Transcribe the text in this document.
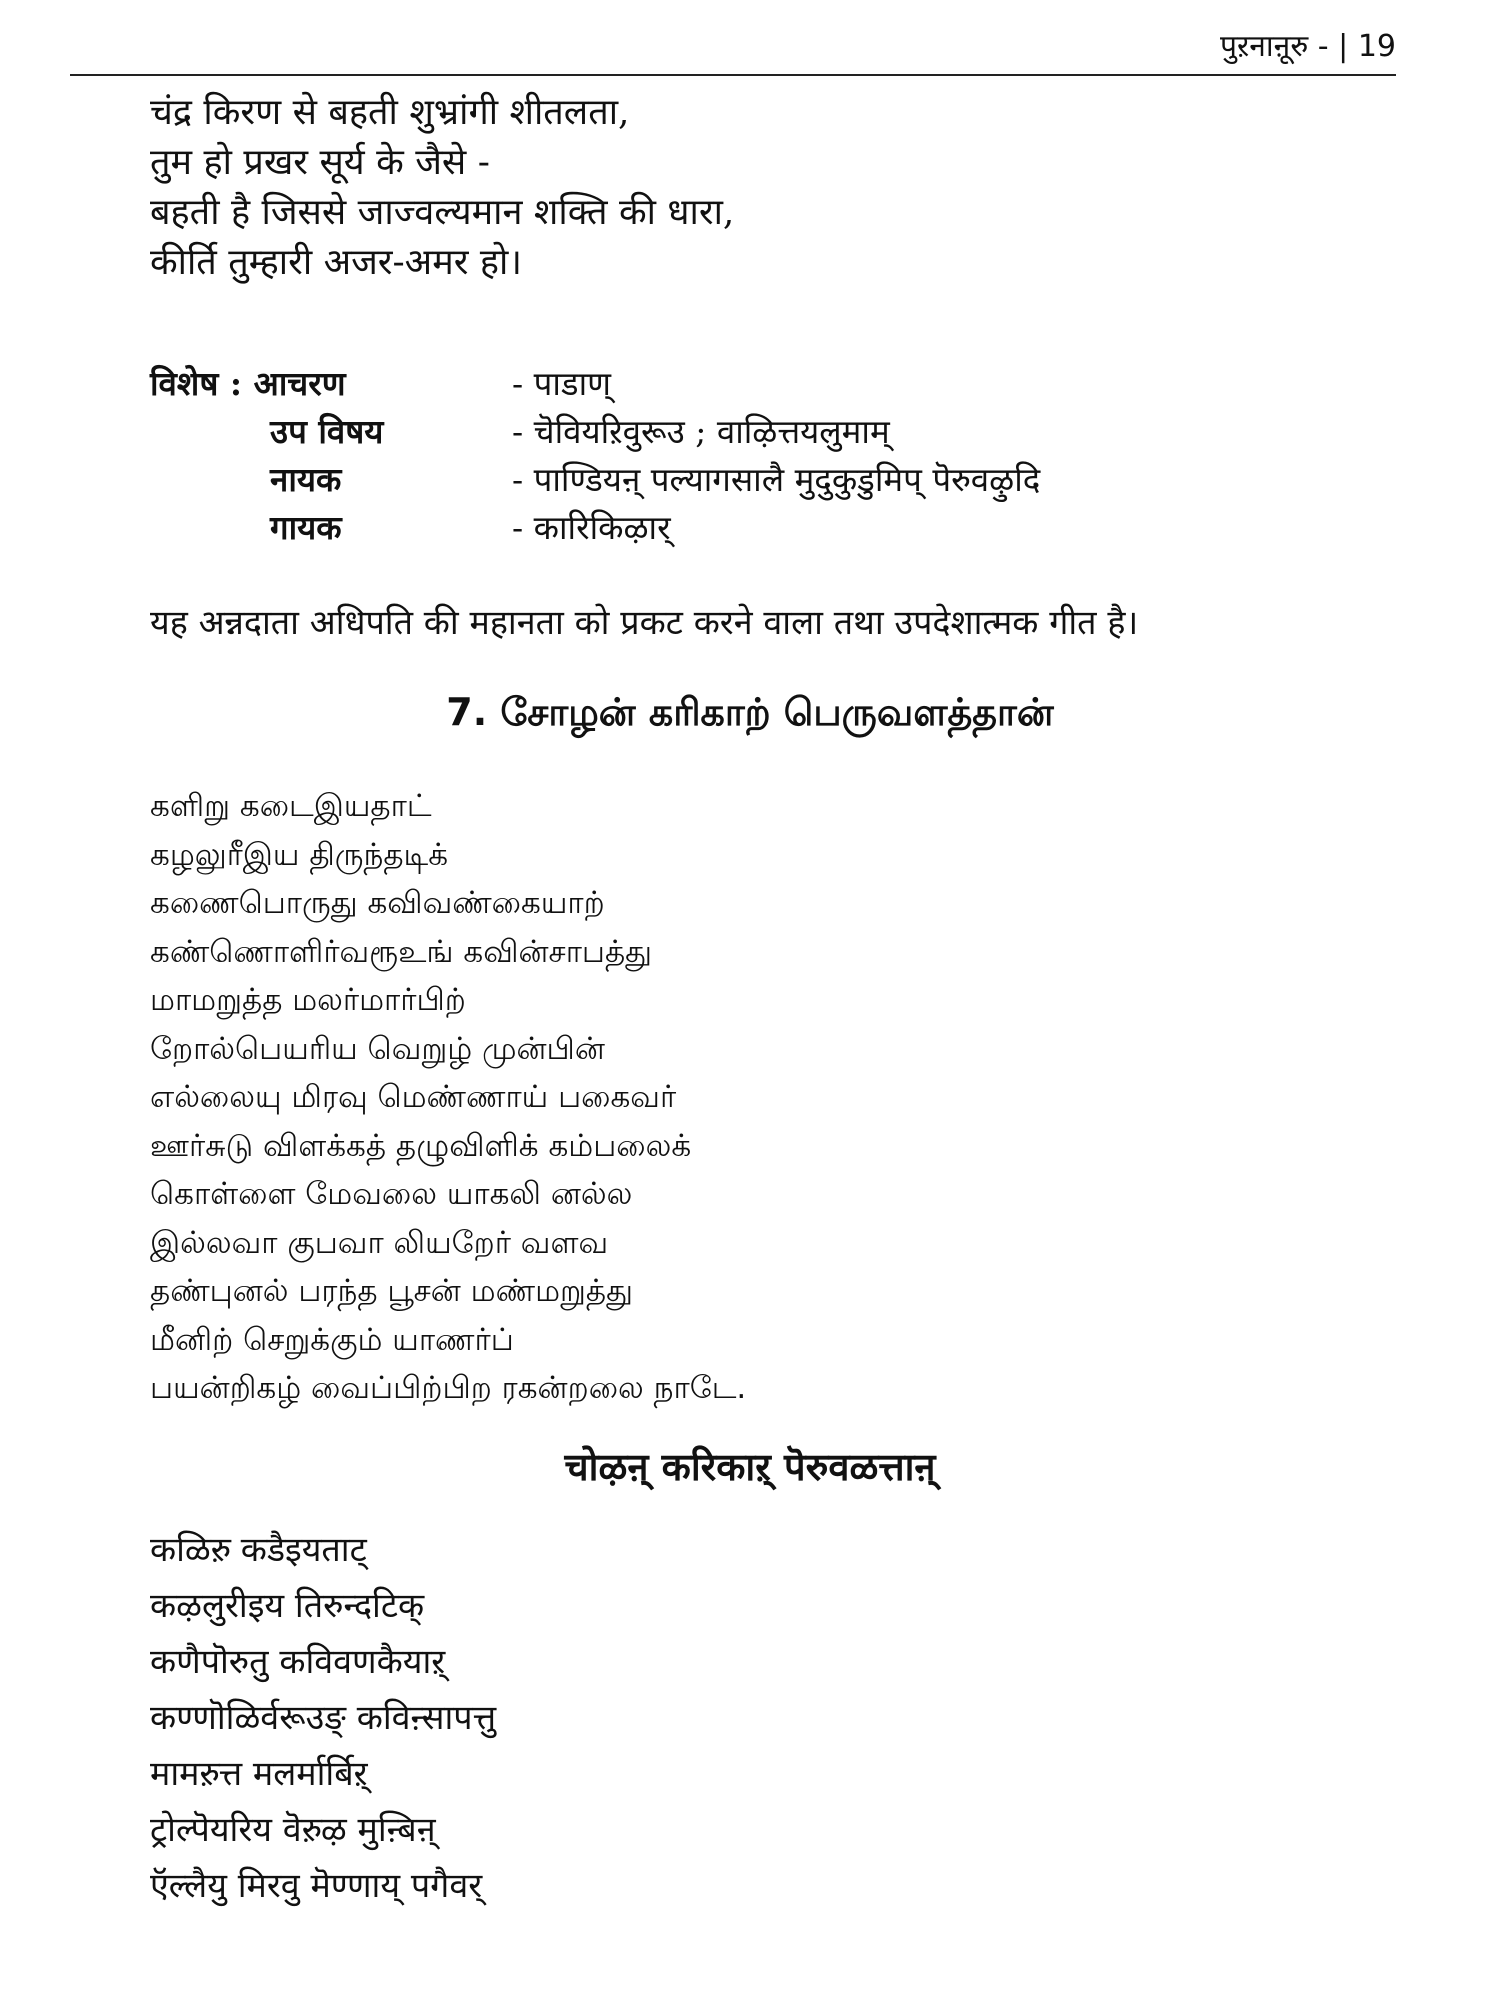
पुऱनाऩूरु - | 19
चंद्र किरण से बहती शुभ्रांगी शीतलता,
तुम हो प्रखर सूर्य के जैसे -
बहती है जिससे जाज्वल्यमान शक्ति की धारा,
कीर्ति तुम्हारी अजर-अमर हो।
विशेष : आचरण	- पाडाण्
उप विषय	- चॆवियऱिवुरूउ ; वाऴित्तयलुमाम्
नायक	- पाण्डियऩ् पल्यागसालै मुदुकुडुमिप् पॆरुवऴुदि
गायक	- कारिकिऴार्
यह अन्नदाता अधिपति की महानता को प्रकट करने वाला तथा उपदेशात्मक गीत है।
7. சோழன் கரிகாற் பெருவளத்தான்
களிறு கடைஇயதாட்
கழலுரீஇய திருந்தடிக்
கணைபொருது கவிவண்கையாற்
கண்ணொளிர்வரூஉங் கவின்சாபத்து
மாமறுத்த மலர்மார்பிற்
றோல்பெயரிய வெறுழ் முன்பின்
எல்லையு மிரவு மெண்ணாய் பகைவர்
ஊர்சுடு விளக்கத் தழுவிளிக் கம்பலைக்
கொள்ளை மேவலை யாகலி னல்ல
இல்லவா குபவா லியறேர் வளவ
தண்புனல் பரந்த பூசன் மண்மறுத்து
மீனிற் செறுக்கும் யாணர்ப்
பயன்றிகழ் வைப்பிற்பிற ரகன்றலை நாடே.
चोऴऩ् करिकाऱ् पॆरुवळत्ताऩ्
कळिऱु कडैइयताट्
कऴलुरीइय तिरुन्दटिक्
कणैपॊरुतु कविवणकैयाऱ्
कण्णॊळिर्वरूउङ् कविऩ्सापत्तु
मामऱुत्त मलर्मार्बिऱ्
ट्रोल्पॆयरिय वॆऱुऴ मुऩ्बिऩ्
ऍल्लैयु मिरवु मॆण्णाय् पगैवर्
